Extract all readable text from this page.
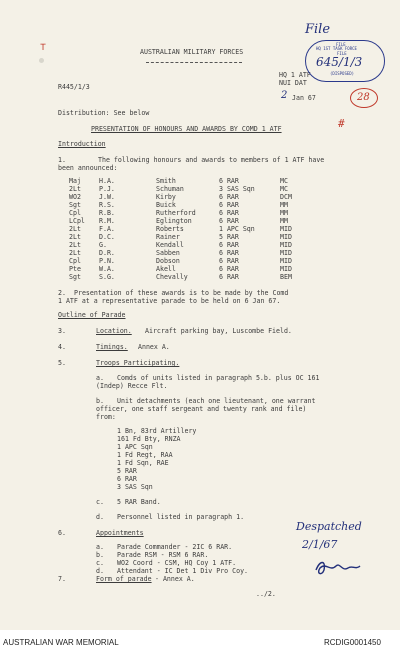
⊤	AUSTRALIAN MILITARY FORCES
R445/1/3
HQ 1 ATF
NUI DAT
2 Jan 67
File
FILE
HQ 1ST TASK FORCE
FILE
645/1/3
(DISPOSED)
28
#
Distribution: See below
PRESENTATION OF HONOURS AND AWARDS BY COMD 1 ATF
Introduction
1.	The following honours and awards to members of 1 ATF have
been announced:
Maj	H.A.	Smith	6 RAR	MC
2Lt	P.J.	Schuman	3 SAS Sqn	MC
WO2	J.W.	Kirby	6 RAR	DCM
Sgt	R.S.	Buick	6 RAR	MM
Cpl	R.B.	Rutherford	6 RAR	MM
LCpl R.M.	Eglington	6 RAR	MM
2Lt	F.A.	Roberts	1 APC Sqn	MID
2Lt	D.C.	Rainer	5 RAR	MID
2Lt	G.	Kendall	6 RAR	MID
2Lt	D.R.	Sabben	6 RAR	MID
Cpl	P.N.	Dobson	6 RAR	MID
Pte	W.A.	Akell	6 RAR	MID
Sgt	S.G.	Chevally	6 RAR	BEM
2. Presentation of these awards is to be made by the Comd
1 ATF at a representative parade to be held on 6 Jan 67.
Outline of Parade
3.	Location. Aircraft parking bay, Luscombe Field.
4.	Timings. Annex A.
5.	Troops Participating.
a. Comds of units listed in paragraph 5.b. plus OC 161
(Indep) Recce Flt.
b. Unit detachments (each one lieutenant, one warrant
officer, one staff sergeant and twenty rank and file)
from:
1 Bn, 83rd Artillery
161 Fd Bty, RNZA
1 APC Sqn
1 Fd Regt, RAA
1 Fd Sqn, RAE
5 RAR
6 RAR
3 SAS Sqn
c. 5 RAR Band.
d. Personnel listed in paragraph 1.
6.	Appointments
a. Parade Commander - 2IC 6 RAR.
b. Parade RSM - RSM 6 RAR.
c. WO2 Coord - CSM, HQ Coy 1 ATF.
d. Attendant - IC Det 1 Div Pro Coy.
7.	Form of parade - Annex A.
../2.
Despatched
2/1/67
AUSTRALIAN WAR MEMORIAL	RCDIG0001450
